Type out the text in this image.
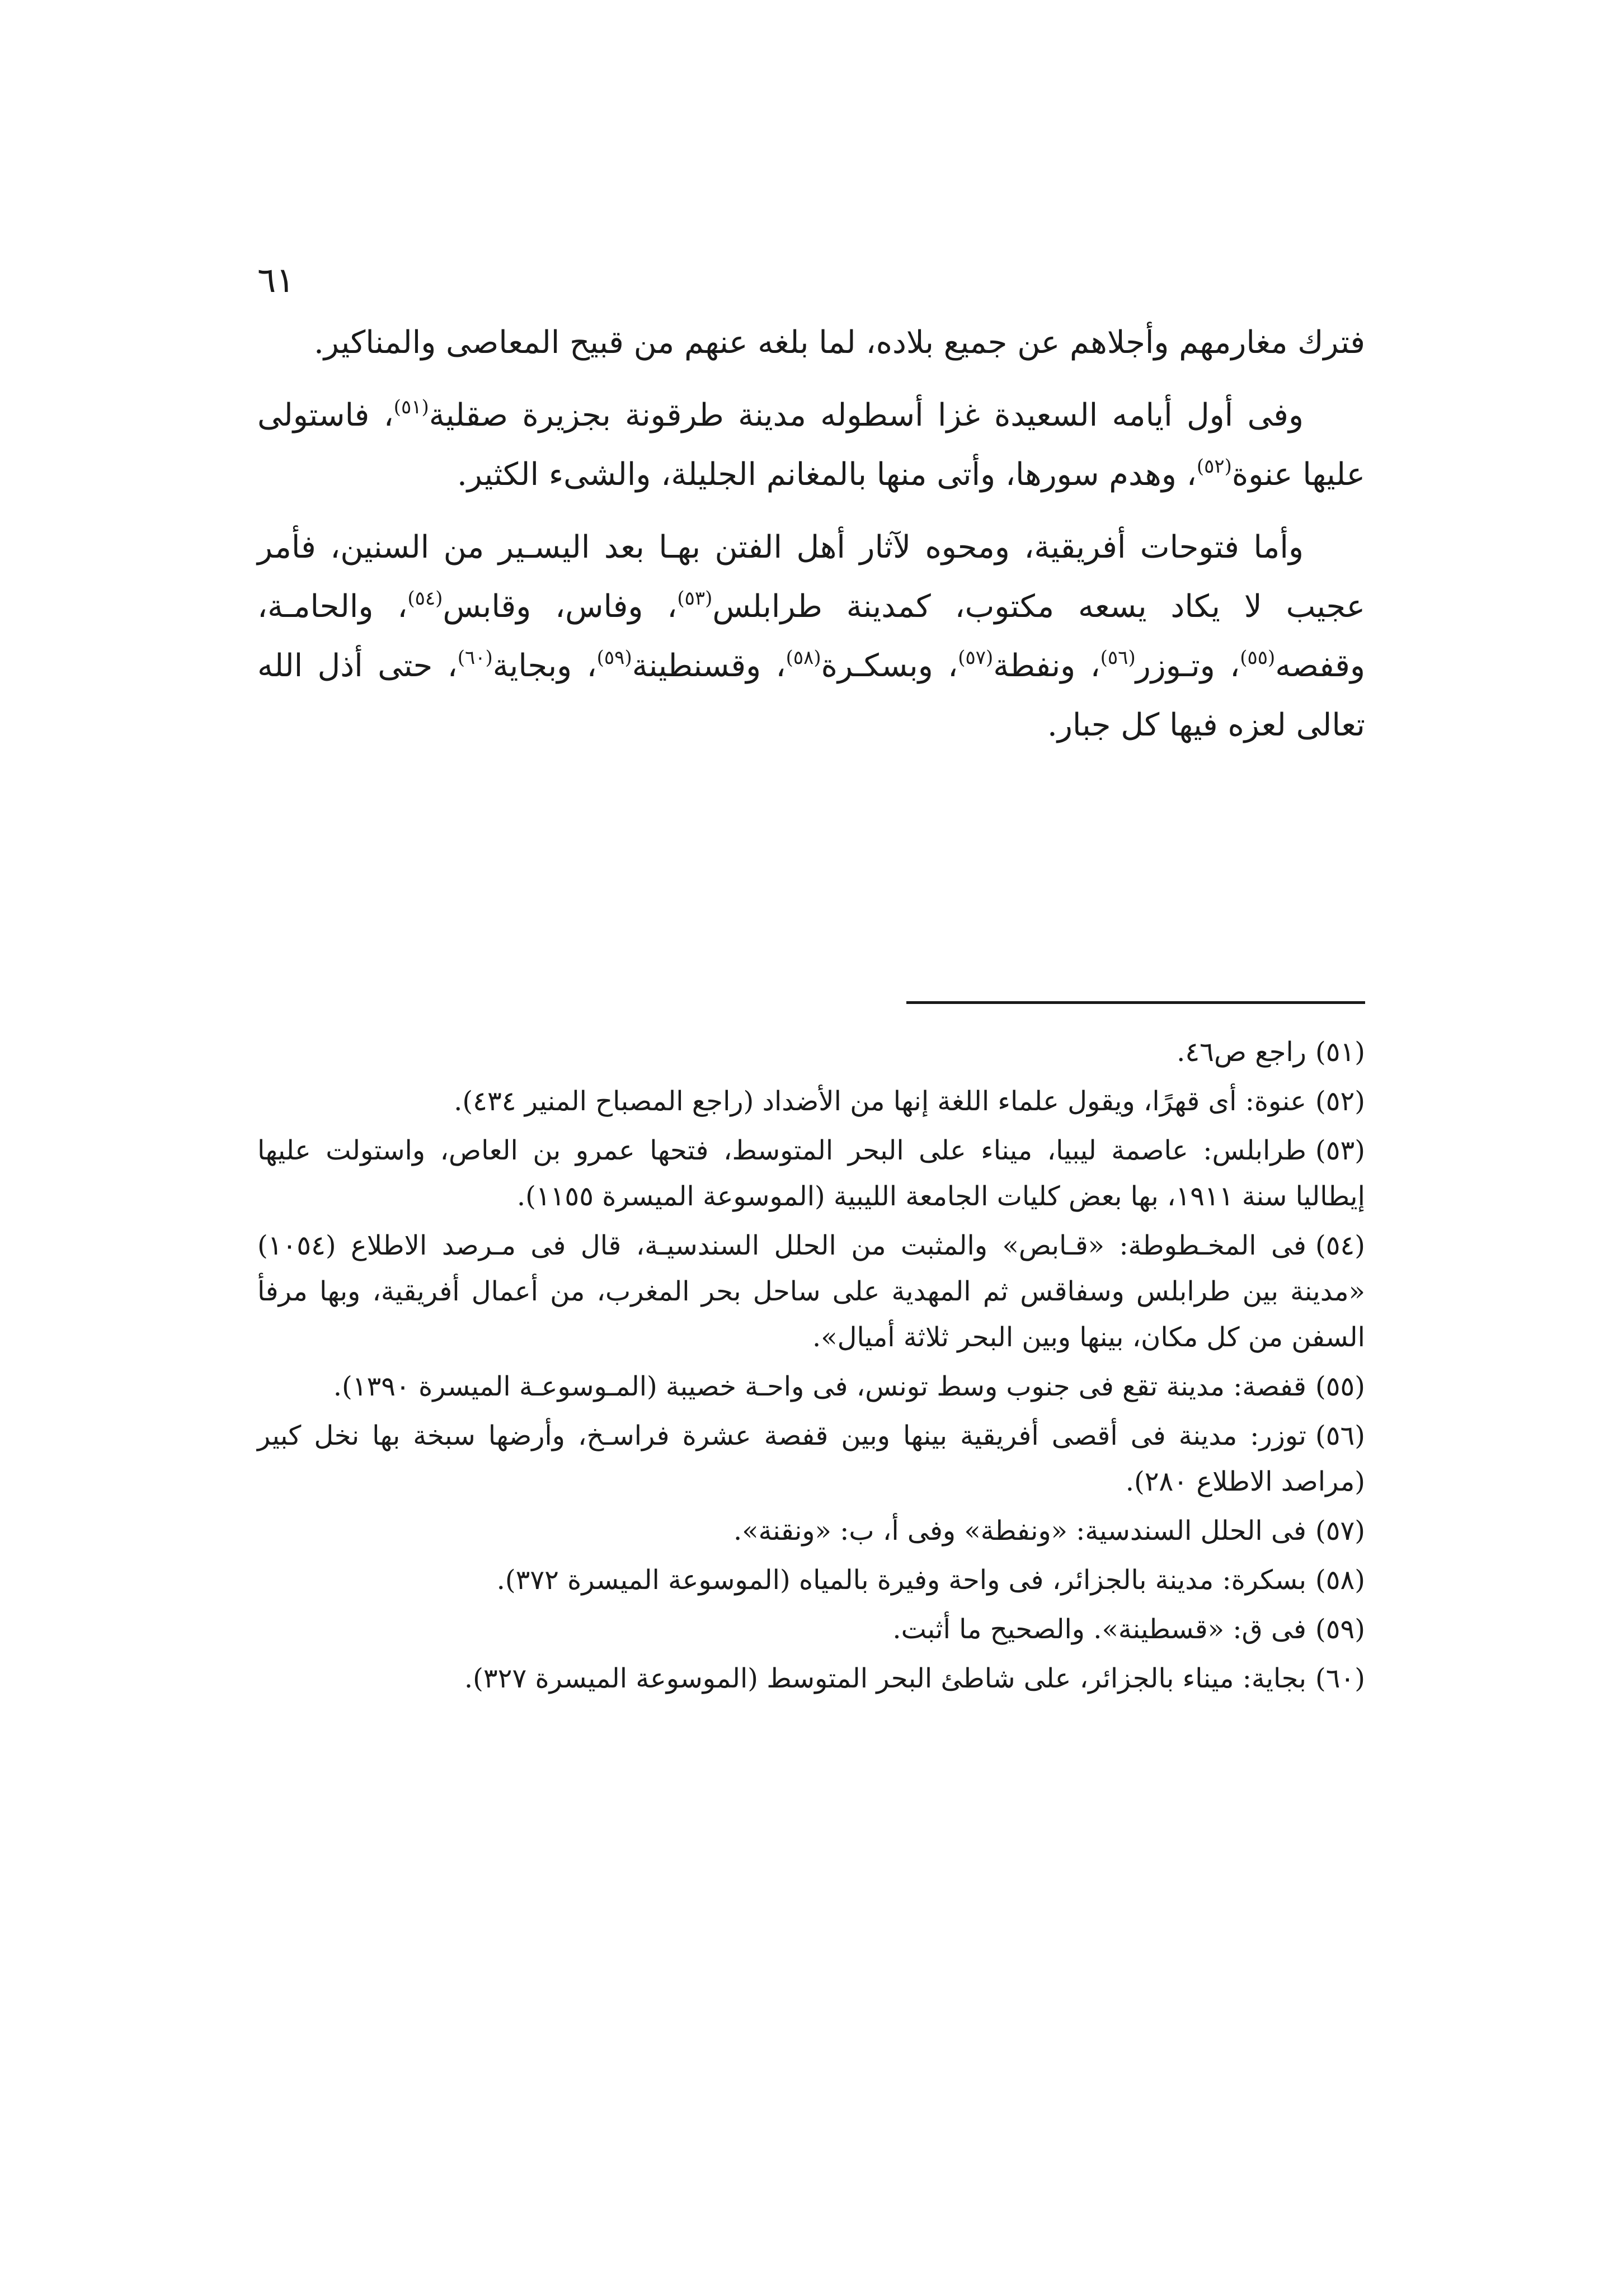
٦١

فترك مغارمهم وأجلاهم عن جميع بلاده، لما بلغه عنهم من قبيح المعاصى والمناكير.

وفى أول أيامه السعيدة غزا أسطوله مدينة طرقونة بجزيرة صقلية$^{(٥١)}$، فاستولى عليها عنوة$^{(٥٢)}$، وهدم سورها، وأتى منها بالمغانم الجليلة، والشىء الكثير.

وأما فتوحات أفريقية، ومحوه لآثار أهل الفتن بهـا بعد اليسـير من السنين، فأمر عجيب لا يكاد يسعه مكتوب، كمدينة طرابلس$^{(٥٣)}$، وفاس، وقابس$^{(٥٤)}$، والحامـة، وقفصه$^{(٥٥)}$، وتـوزر$^{(٥٦)}$، ونفطة$^{(٥٧)}$، وبسكـرة$^{(٥٨)}$، وقسنطينة$^{(٥٩)}$، وبجاية$^{(٦٠)}$، حتى أذل الله تعالى لعزه فيها كل جبار.

(٥١)راجع ص٤٦.
(٥٢)عنوة: أى قهرًا، ويقول علماء اللغة إنها من الأضداد (راجع المصباح المنير ٤٣٤).
(٥٣)طرابلس: عاصمة ليبيا، ميناء على البحر المتوسط، فتحها عمرو بن العاص، واستولت عليها إيطاليا سنة ١٩١١، بها بعض كليات الجامعة الليبية (الموسوعة الميسرة ١١٥٥).
(٥٤)فى المخـطوطة: «قـابص» والمثبت من الحلل السندسيـة، قال فى مـرصد الاطلاع (١٠٥٤) «مدينة بين طرابلس وسفاقس ثم المهدية على ساحل بحر المغرب، من أعمال أفريقية، وبها مرفأ السفن من كل مكان، بينها وبين البحر ثلاثة أميال».
(٥٥)قفصة: مدينة تقع فى جنوب وسط تونس، فى واحـة خصيبة (المـوسوعـة الميسرة ١٣٩٠).
(٥٦)توزر: مدينة فى أقصى أفريقية بينها وبين قفصة عشرة فراسـخ، وأرضها سبخة بها نخل كبير (مراصد الاطلاع ٢٨٠).
(٥٧)فى الحلل السندسية: «ونفطة» وفى أ، ب: «ونقنة».
(٥٨)بسكرة: مدينة بالجزائر، فى واحة وفيرة بالمياه (الموسوعة الميسرة ٣٧٢).
(٥٩)فى ق: «قسطينة». والصحيح ما أثبت.
(٦٠)بجاية: ميناء بالجزائر، على شاطئ البحر المتوسط (الموسوعة الميسرة ٣٢٧).
